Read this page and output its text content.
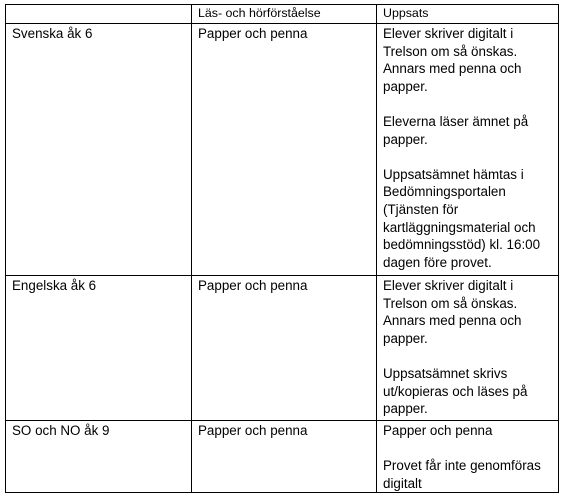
	Läs- och hörförståelse	Uppsats
Svenska åk 6	Papper och penna	Elever skriver digitalt i Trelson om så önskas. Annars med penna och papper.
Eleverna läser ämnet på papper.
Uppsatsämnet hämtas i Bedömningsportalen (Tjänsten för kartläggningsmaterial och bedömningsstöd) kl. 16:00 dagen före provet.

Engelska åk 6	Papper och penna	Elever skriver digitalt i Trelson om så önskas. Annars med penna och papper.
Uppsatsämnet skrivs ut/kopieras och läses på papper.

SO och NO åk 9	Papper och penna	Papper och penna
Provet får inte genomföras digitalt
